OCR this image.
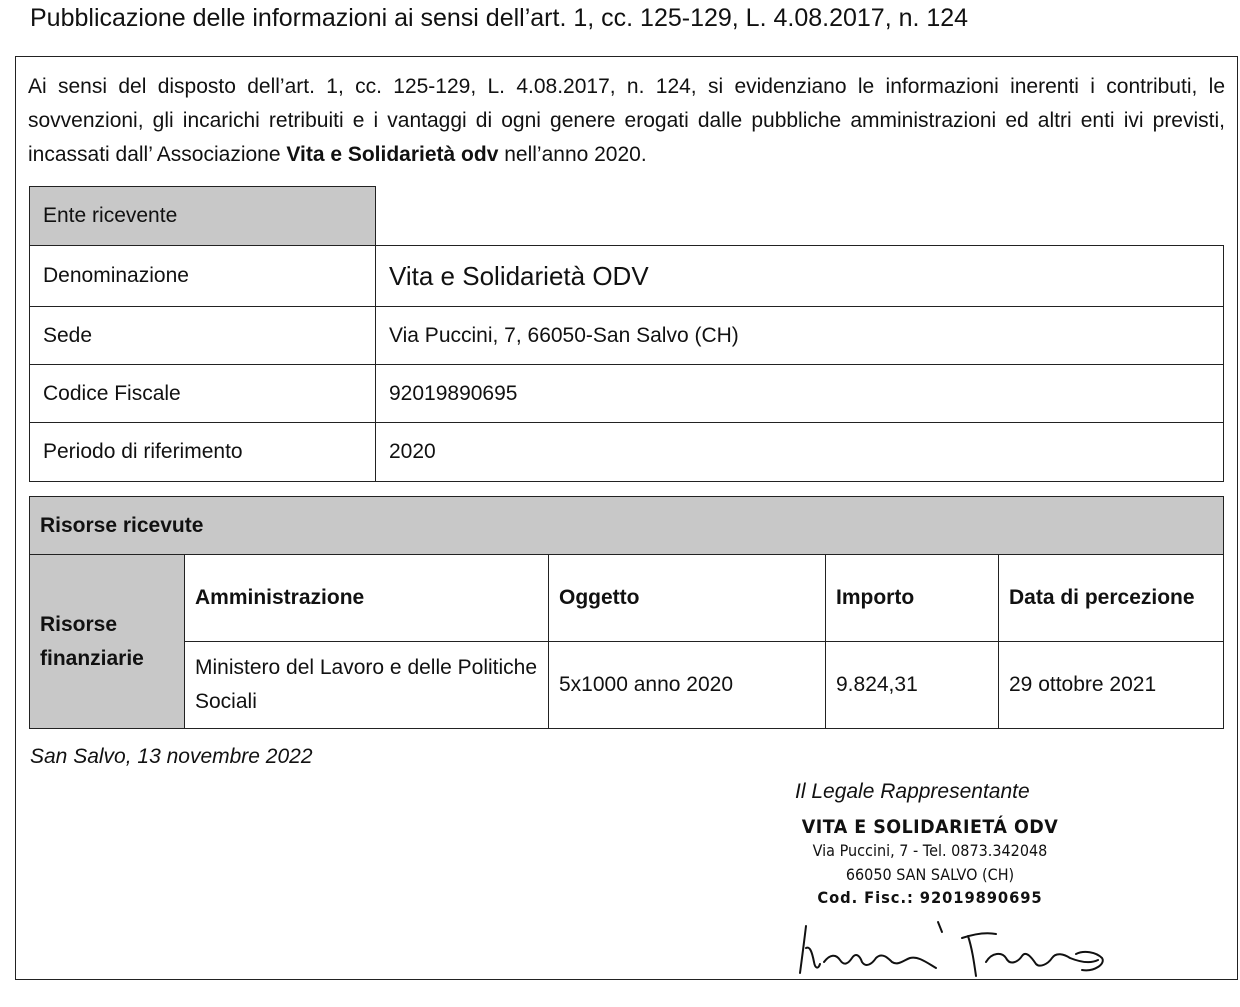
Pubblicazione delle informazioni ai sensi dell’art. 1, cc. 125-129, L. 4.08.2017, n. 124

Ai sensi del disposto dell’art. 1, cc. 125-129, L. 4.08.2017, n. 124, si evidenziano le informazioni inerenti i contributi, le sovvenzioni, gli incarichi retribuiti e i vantaggi di ogni genere erogati dalle pubbliche amministrazioni ed altri enti ivi previsti, incassati dall’ Associazione Vita e Solidarietà odv nell’anno 2020.

Ente ricevente	
Denominazione	Vita e Solidarietà ODV
Sede	Via Puccini, 7, 66050-San Salvo (CH)
Codice Fiscale	92019890695
Periodo di riferimento	2020
Risorse ricevute				
Risorse finanziarie	Amministrazione	Oggetto	Importo	Data di percezione
	Ministero del Lavoro e delle Politiche Sociali	5x1000 anno 2020	9.824,31	29 ottobre 2021
San Salvo, 13 novembre 2022
Il Legale Rappresentante
VITA E SOLIDARIETÁ ODV
Via Puccini, 7 - Tel. 0873.342048
66050 SAN SALVO (CH)
Cod. Fisc.: 92019890695
